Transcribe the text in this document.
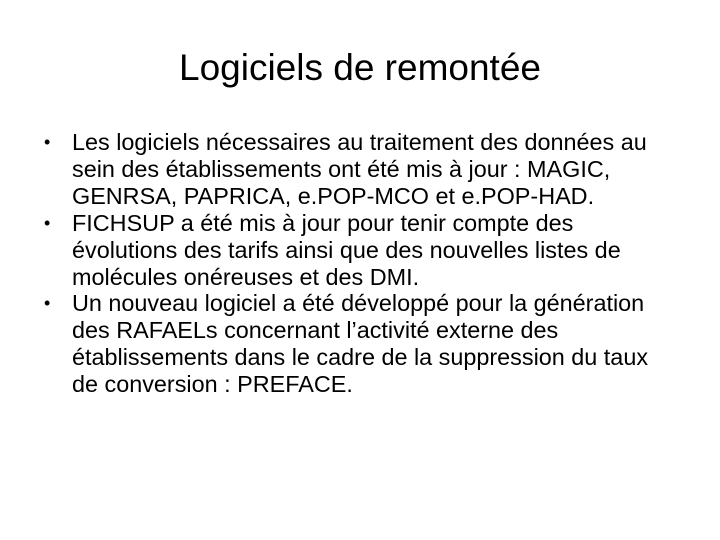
Logiciels de remontée
• Les logiciels nécessaires au traitement des données au sein des établissements ont été mis à jour : MAGIC, GENRSA, PAPRICA, e.POP-MCO et e.POP-HAD.
• FICHSUP a été mis à jour pour tenir compte des évolutions des tarifs ainsi que des nouvelles listes de molécules onéreuses et des DMI.
• Un nouveau logiciel a été développé pour la génération des RAFAELs concernant l’activité externe des établissements dans le cadre de la suppression du taux de conversion : PREFACE.
